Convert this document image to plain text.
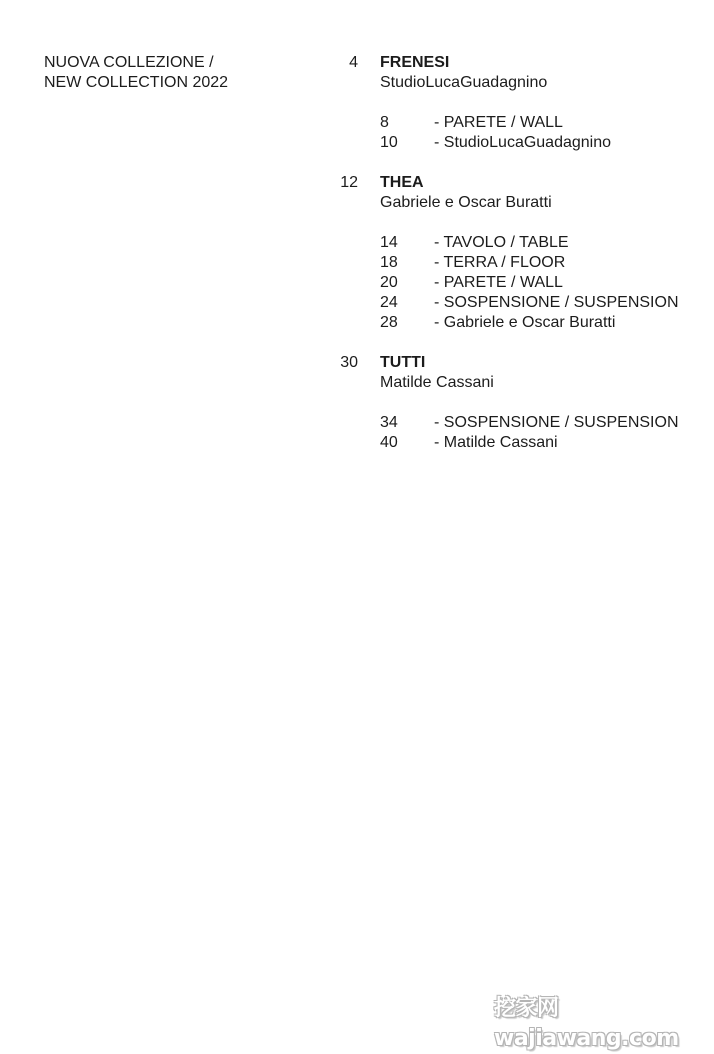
NUOVA COLLEZIONE /
NEW COLLECTION 2022
4 FRENESI
StudioLucaGuadagnino
8	- PARETE / WALL
10	- StudioLucaGuadagnino
12 THEA
Gabriele e Oscar Buratti
14	- TAVOLO / TABLE
18	- TERRA / FLOOR
20	- PARETE / WALL
24	- SOSPENSIONE / SUSPENSION
28	- Gabriele e Oscar Buratti
30 TUTTI
Matilde Cassani
34	- SOSPENSIONE / SUSPENSION
40	- Matilde Cassani
挖家网 wajiawang.com
